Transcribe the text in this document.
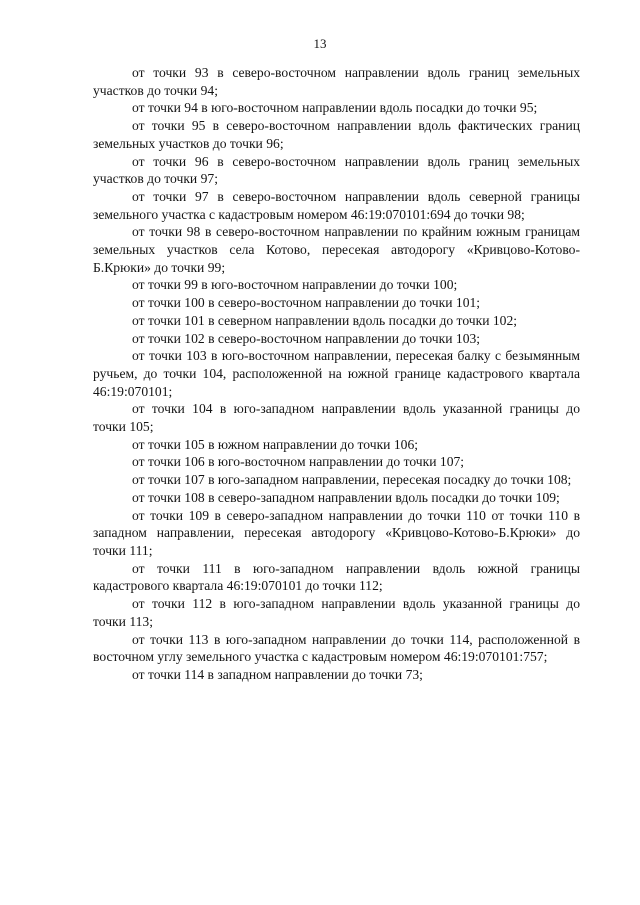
13

от точки 93 в северо-восточном направлении вдоль границ земельных участков до точки 94;

от точки 94 в юго-восточном направлении вдоль посадки до точки 95;

от точки 95 в северо-восточном направлении вдоль фактических границ земельных участков до точки 96;

от точки 96 в северо-восточном направлении вдоль границ земельных участков до точки 97;

от точки 97 в северо-восточном направлении вдоль северной границы земельного участка с кадастровым номером 46:19:070101:694 до точки 98;

от точки 98 в северо-восточном направлении по крайним южным границам земельных участков села Котово, пересекая автодорогу «Кривцово-Котово-Б.Крюки» до точки 99;

от точки 99 в юго-восточном направлении до точки 100;

от точки 100 в северо-восточном направлении до точки 101;

от точки 101 в северном направлении вдоль посадки до точки 102;

от точки 102 в северо-восточном направлении до точки 103;

от точки 103 в юго-восточном направлении, пересекая балку с безымянным ручьем, до точки 104, расположенной на южной границе кадастрового квартала 46:19:070101;

от точки 104 в юго-западном направлении вдоль указанной границы до точки 105;

от точки 105 в южном направлении до точки 106;

от точки 106 в юго-восточном направлении до точки 107;

от точки 107 в юго-западном направлении, пересекая посадку до точки 108;

от точки 108 в северо-западном направлении вдоль посадки до точки 109;

от точки 109 в северо-западном направлении до точки 110 от точки 110 в западном направлении, пересекая автодорогу «Кривцово-Котово-Б.Крюки» до точки 111;

от точки 111 в юго-западном направлении вдоль южной границы кадастрового квартала 46:19:070101 до точки 112;

от точки 112 в юго-западном направлении вдоль указанной границы до точки 113;

от точки 113 в юго-западном направлении до точки 114, расположенной в восточном углу земельного участка с кадастровым номером 46:19:070101:757;

от точки 114 в западном направлении до точки 73;
